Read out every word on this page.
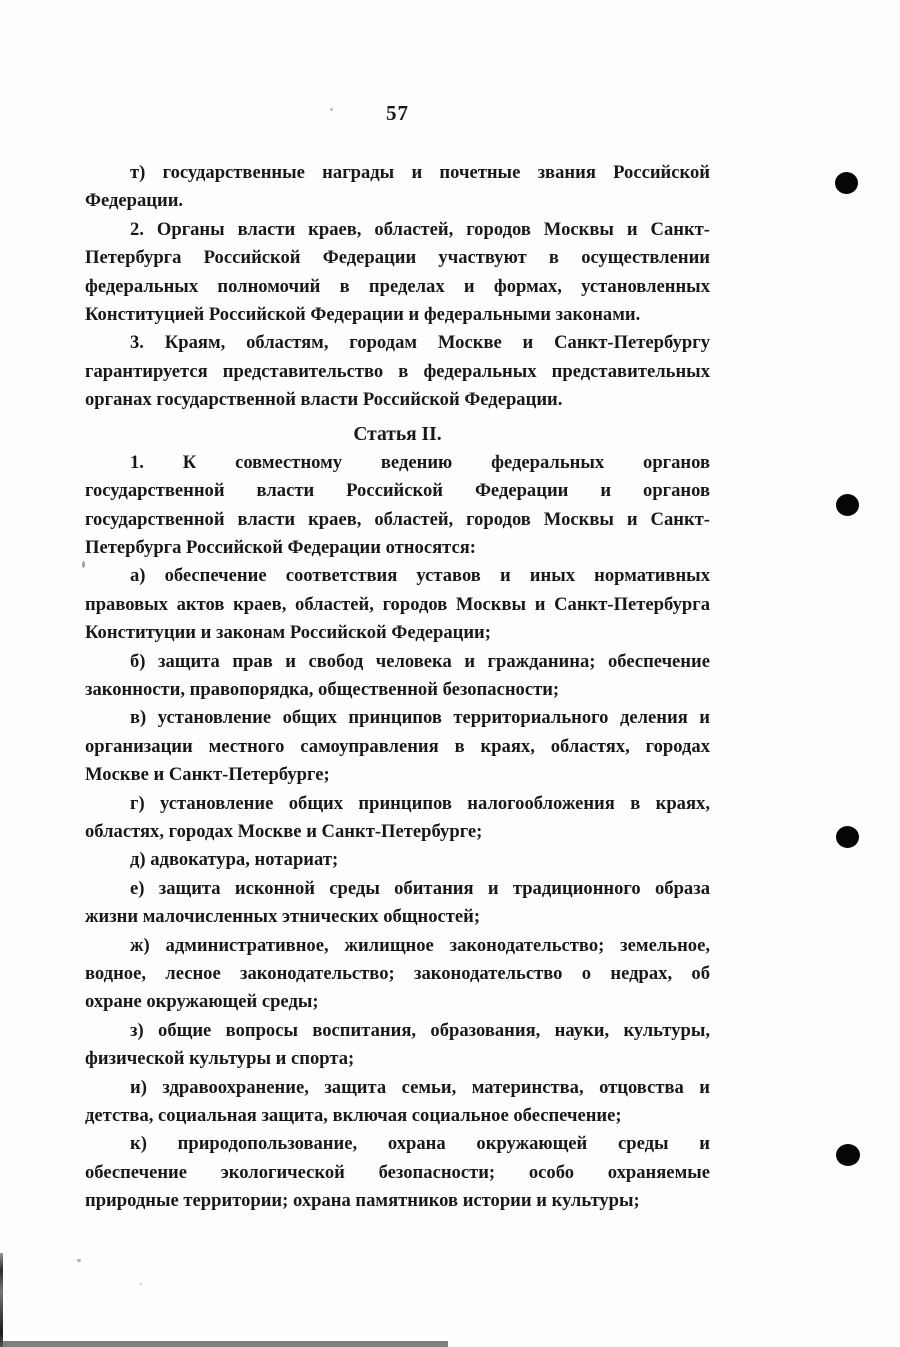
57
т) государственные награды и почетные звания Российской
Федерации.
2. Органы власти краев, областей, городов Москвы и Санкт-
Петербурга Российской Федерации участвуют в осуществлении
федеральных полномочий в пределах и формах, установленных
Конституцией Российской Федерации и федеральными законами.
3. Краям, областям, городам Москве и Санкт-Петербургу
гарантируется представительство в федеральных представительных
органах государственной власти Российской Федерации.
Статья II.
1. К совместному ведению федеральных органов
государственной власти Российской Федерации и органов
государственной власти краев, областей, городов Москвы и Санкт-
Петербурга Российской Федерации относятся:
а) обеспечение соответствия уставов и иных нормативных
правовых актов краев, областей, городов Москвы и Санкт-Петербурга
Конституции и законам Российской Федерации;
б) защита прав и свобод человека и гражданина; обеспечение
законности, правопорядка, общественной безопасности;
в) установление общих принципов территориального деления и
организации местного самоуправления в краях, областях, городах
Москве и Санкт-Петербурге;
г) установление общих принципов налогообложения в краях,
областях, городах Москве и Санкт-Петербурге;
д) адвокатура, нотариат;
е) защита исконной среды обитания и традиционного образа
жизни малочисленных этнических общностей;
ж) административное, жилищное законодательство; земельное,
водное, лесное законодательство; законодательство о недрах, об
охране окружающей среды;
з) общие вопросы воспитания, образования, науки, культуры,
физической культуры и спорта;
и) здравоохранение, защита семьи, материнства, отцовства и
детства, социальная защита, включая социальное обеспечение;
к) природопользование, охрана окружающей среды и
обеспечение экологической безопасности; особо охраняемые
природные территории; охрана памятников истории и культуры;
